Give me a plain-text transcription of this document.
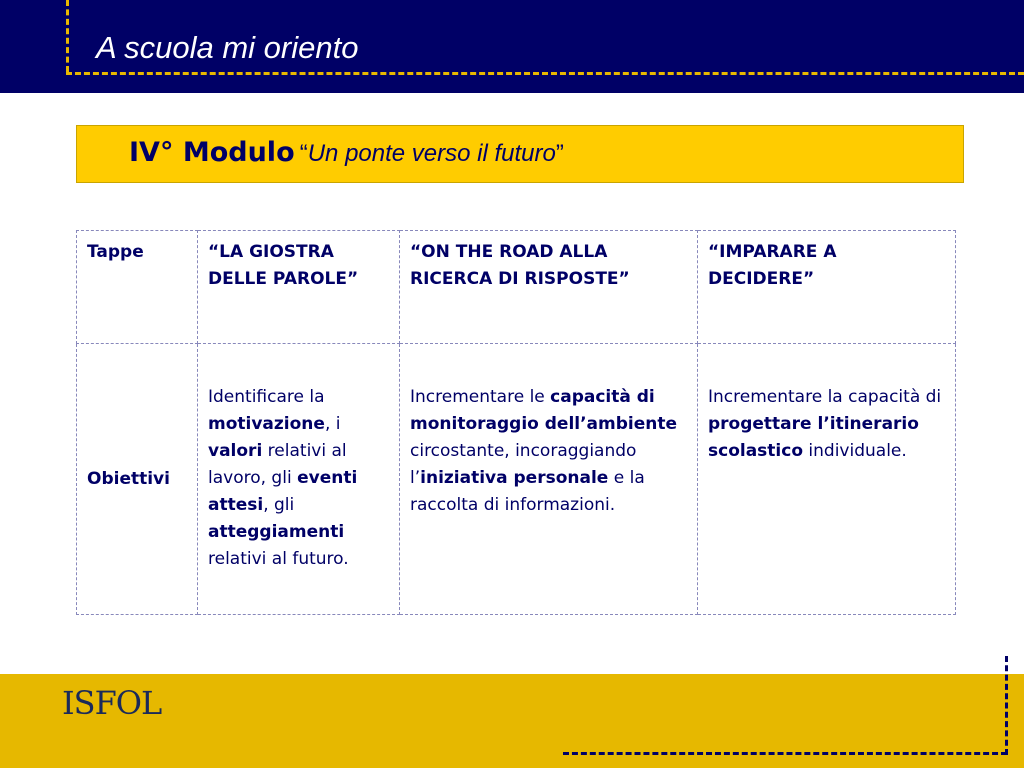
A scuola mi oriento
IV° Modulo “Un ponte verso il futuro”
Tappe	“LA GIOSTRA DELLE PAROLE”	“ON THE ROAD ALLA RICERCA DI RISPOSTE”	“IMPARARE A DECIDERE”
Obiettivi	Identificare la motivazione, i valori relativi al lavoro, gli eventi attesi, gli atteggiamenti relativi al futuro.	Incrementare le capacità di monitoraggio dell’ambiente circostante, incoraggiando l’iniziativa personale e la raccolta di informazioni.	Incrementare la capacità di progettare l’itinerario scolastico individuale.
ISFOL
